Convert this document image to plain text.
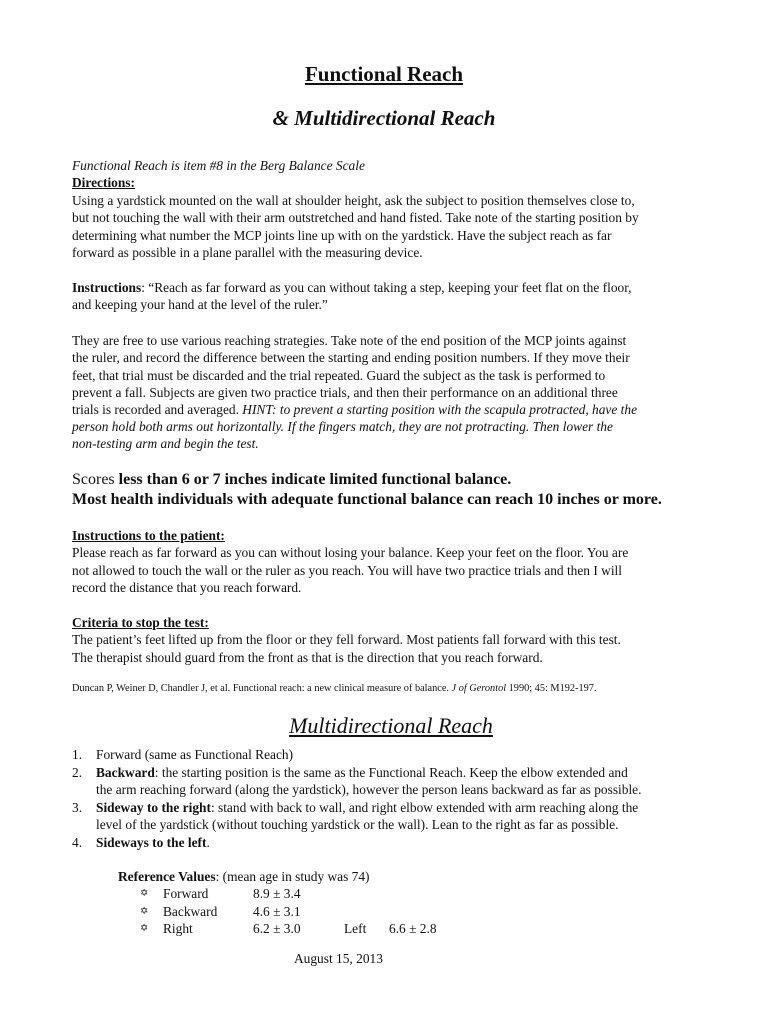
Functional Reach
& Multidirectional Reach
Functional Reach is item #8 in the Berg Balance Scale
Directions:
Using a yardstick mounted on the wall at shoulder height, ask the subject to position themselves close to,
but not touching the wall with their arm outstretched and hand fisted. Take note of the starting position by
determining what number the MCP joints line up with on the yardstick. Have the subject reach as far
forward as possible in a plane parallel with the measuring device.
Instructions: “Reach as far forward as you can without taking a step, keeping your feet flat on the floor,
and keeping your hand at the level of the ruler.”
They are free to use various reaching strategies. Take note of the end position of the MCP joints against
the ruler, and record the difference between the starting and ending position numbers. If they move their
feet, that trial must be discarded and the trial repeated. Guard the subject as the task is performed to
prevent a fall. Subjects are given two practice trials, and then their performance on an additional three
trials is recorded and averaged. HINT: to prevent a starting position with the scapula protracted, have the
person hold both arms out horizontally. If the fingers match, they are not protracting. Then lower the
non-testing arm and begin the test.
Scores less than 6 or 7 inches indicate limited functional balance.
Most health individuals with adequate functional balance can reach 10 inches or more.
Instructions to the patient:
Please reach as far forward as you can without losing your balance. Keep your feet on the floor. You are
not allowed to touch the wall or the ruler as you reach. You will have two practice trials and then I will
record the distance that you reach forward.
Criteria to stop the test:
The patient’s feet lifted up from the floor or they fell forward. Most patients fall forward with this test.
The therapist should guard from the front as that is the direction that you reach forward.
Duncan P, Weiner D, Chandler J, et al. Functional reach: a new clinical measure of balance. J of Gerontol 1990; 45: M192-197.
Multidirectional Reach
1. Forward (same as Functional Reach)
2. Backward: the starting position is the same as the Functional Reach. Keep the elbow extended and
the arm reaching forward (along the yardstick), however the person leans backward as far as possible.
3. Sideway to the right: stand with back to wall, and right elbow extended with arm reaching along the
level of the yardstick (without touching yardstick or the wall). Lean to the right as far as possible.
4. Sideways to the left.
Reference Values: (mean age in study was 74)
✡ Forward	8.9 ± 3.4
✡ Backward	4.6 ± 3.1
✡ Right	6.2 ± 3.0	Left 6.6 ± 2.8
August 15, 2013
